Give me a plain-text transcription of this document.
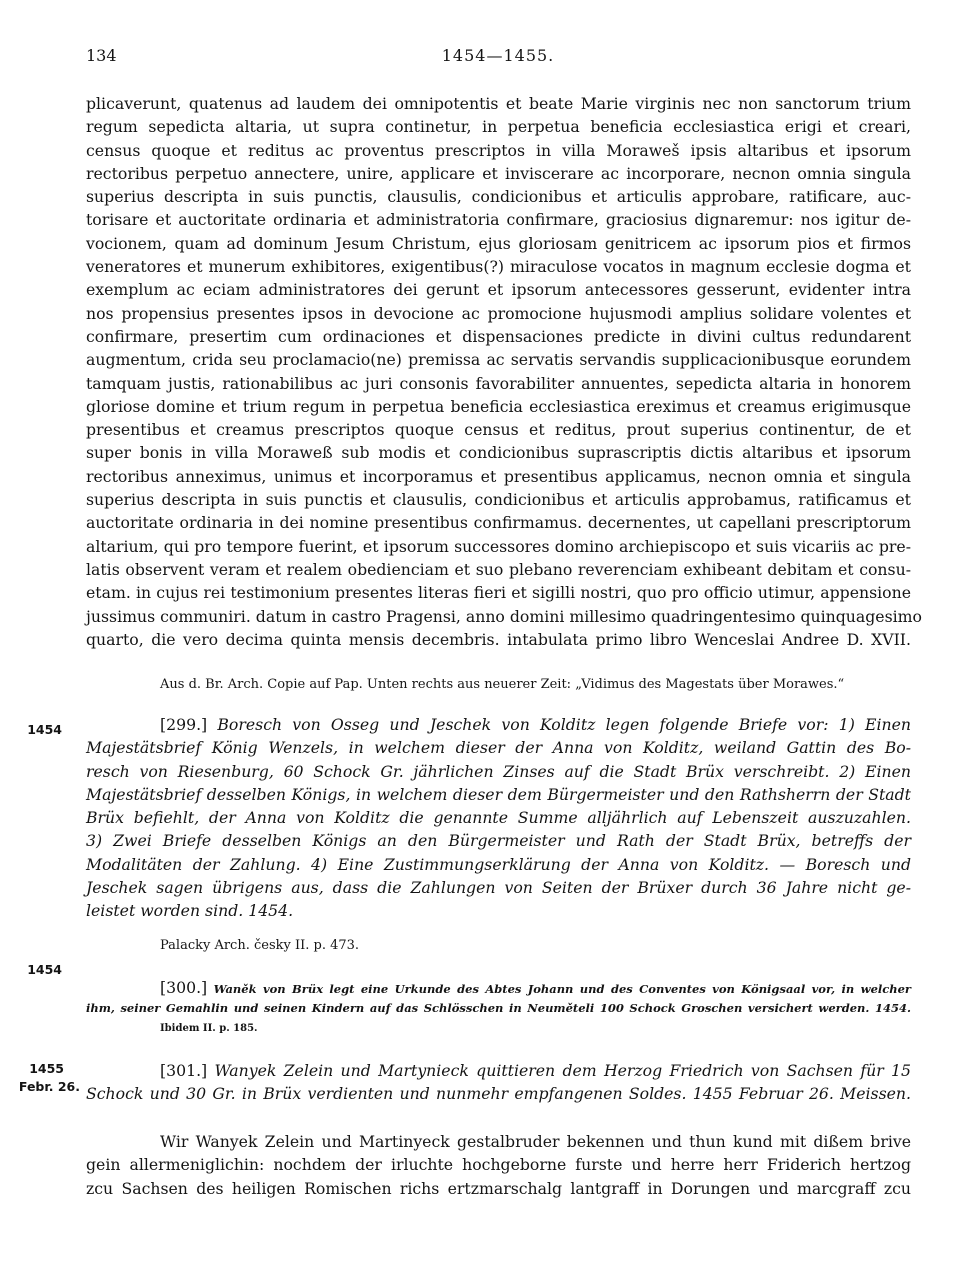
134	1454—1455.
plicaverunt, quatenus ad laudem dei omnipotentis et beate Marie virginis nec non sanctorum trium
regum sepedicta altaria, ut supra continetur, in perpetua beneficia ecclesiastica erigi et creari,
census quoque et reditus ac proventus prescriptos in villa Moraweš ipsis altaribus et ipsorum
rectoribus perpetuo annectere, unire, applicare et inviscerare ac incorporare, necnon omnia singula
superius descripta in suis punctis, clausulis, condicionibus et articulis approbare, ratificare, auc-
torisare et auctoritate ordinaria et administratoria confirmare, graciosius dignaremur: nos igitur de-
vocionem, quam ad dominum Jesum Christum, ejus gloriosam genitricem ac ipsorum pios et firmos
veneratores et munerum exhibitores, exigentibus(?) miraculose vocatos in magnum ecclesie dogma et
exemplum ac eciam administratores dei gerunt et ipsorum antecessores gesserunt, evidenter intra
nos propensius presentes ipsos in devocione ac promocione hujusmodi amplius solidare volentes et
confirmare, presertim cum ordinaciones et dispensaciones predicte in divini cultus redundarent
augmentum, crida seu proclamacio(ne) premissa ac servatis servandis supplicacionibusque eorundem
tamquam justis, rationabilibus ac juri consonis favorabiliter annuentes, sepedicta altaria in honorem
gloriose domine et trium regum in perpetua beneficia ecclesiastica ereximus et creamus erigimusque
presentibus et creamus prescriptos quoque census et reditus, prout superius continentur, de et
super bonis in villa Moraweß sub modis et condicionibus suprascriptis dictis altaribus et ipsorum
rectoribus anneximus, unimus et incorporamus et presentibus applicamus, necnon omnia et singula
superius descripta in suis punctis et clausulis, condicionibus et articulis approbamus, ratificamus et
auctoritate ordinaria in dei nomine presentibus confirmamus. decernentes, ut capellani prescriptorum
altarium, qui pro tempore fuerint, et ipsorum successores domino archiepiscopo et suis vicariis ac pre-
latis observent veram et realem obedienciam et suo plebano reverenciam exhibeant debitam et consu-
etam. in cujus rei testimonium presentes literas fieri et sigilli nostri, quo pro officio utimur, appensione
jussimus communiri. datum in castro Pragensi, anno domini millesimo quadringentesimo quinquagesimo
quarto, die vero decima quinta mensis decembris. intabulata primo libro Wenceslai Andree D. XVII.
Aus d. Br. Arch. Copie auf Pap. Unten rechts aus neuerer Zeit: „Vidimus des Magestats über Morawes.“
1454	[299.] Boresch von Osseg und Jeschek von Kolditz legen folgende Briefe vor: 1) Einen
Majestätsbrief König Wenzels, in welchem dieser der Anna von Kolditz, weiland Gattin des Bo-
resch von Riesenburg, 60 Schock Gr. jährlichen Zinses auf die Stadt Brüx verschreibt. 2) Einen
Majestätsbrief desselben Königs, in welchem dieser dem Bürgermeister und den Rathsherrn der Stadt
Brüx befiehlt, der Anna von Kolditz die genannte Summe alljährlich auf Lebenszeit auszuzahlen.
3) Zwei Briefe desselben Königs an den Bürgermeister und Rath der Stadt Brüx, betreffs der
Modalitäten der Zahlung. 4) Eine Zustimmungserklärung der Anna von Kolditz. — Boresch und
Jeschek sagen übrigens aus, dass die Zahlungen von Seiten der Brüxer durch 36 Jahre nicht ge-
leistet worden sind. 1454.
Palacky Arch. česky II. p. 473.
1454
[300.] Waněk von Brüx legt eine Urkunde des Abtes Johann und des Conventes von Königsaal vor, in welcher
ihm, seiner Gemahlin und seinen Kindern auf das Schlösschen in Neuměteli 100 Schock Groschen versichert werden. 1454.
Ibidem II. p. 185.
1455
Febr. 26.
[301.] Wanyek Zelein und Martynieck quittieren dem Herzog Friedrich von Sachsen für 15
Schock und 30 Gr. in Brüx verdienten und nunmehr empfangenen Soldes. 1455 Februar 26. Meissen.
Wir Wanyek Zelein und Martinyeck gestalbruder bekennen und thun kund mit dißem brive
gein allermeniglichin: nochdem der irluchte hochgeborne furste und herre herr Friderich hertzog
zcu Sachsen des heiligen Romischen richs ertzmarschalg lantgraff in Dorungen und marcgraff zcu
